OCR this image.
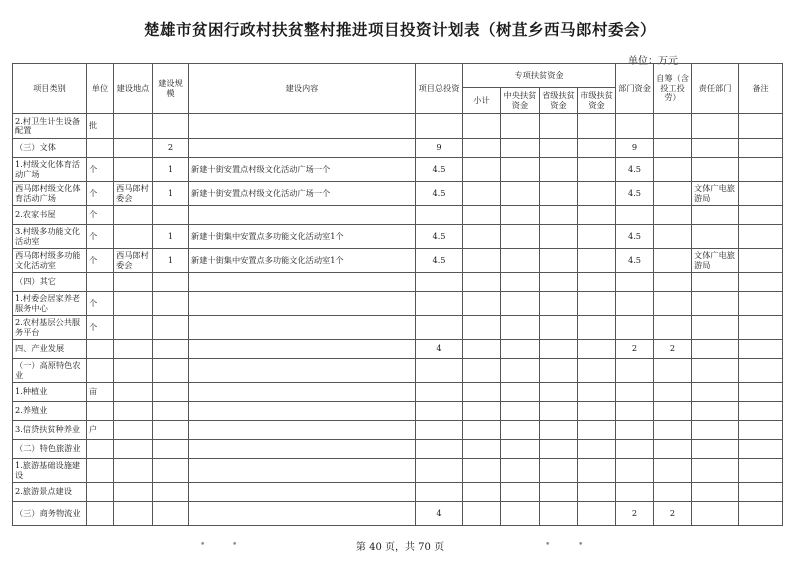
楚雄市贫困行政村扶贫整村推进项目投资计划表（树苴乡西马郎村委会）
单位：万元
项目类别	单位	建设地点	建设规模	建设内容	项目总投资	专项扶贫资金				部门资金	自筹（含投工投劳）	责任部门	备注
						小计	中央扶贫资金	省级扶贫资金	市级扶贫资金				
2.村卫生计生设备配置	批												
（三）文体			2		9					9			
1.村级文化体育活动广场	个		1	新建十街安置点村级文化活动广场一个	4.5					4.5			
西马郎村级文化体育活动广场	个	西马郎村委会	1	新建十街安置点村级文化活动广场一个	4.5					4.5		文体广电旅游局	
2.农家书屋	个												
3.村级多功能文化活动室	个		1	新建十街集中安置点多功能文化活动室1个	4.5					4.5			
西马郎村级多功能文化活动室	个	西马郎村委会	1	新建十街集中安置点多功能文化活动室1个	4.5					4.5		文体广电旅游局	
（四）其它													
1.村委会居家养老服务中心	个												
2.农村基层公共服务平台	个												
四、产业发展					4					2	2		
（一）高原特色农业													
1.种植业	亩												
2.养殖业													
3.信贷扶贫种养业	户												
（二）特色旅游业													
1.旅游基础设施建设													
2.旅游景点建设													
（三）商务物流业					4					2	2		
•	•	•	•
第 40 页，共 70 页
